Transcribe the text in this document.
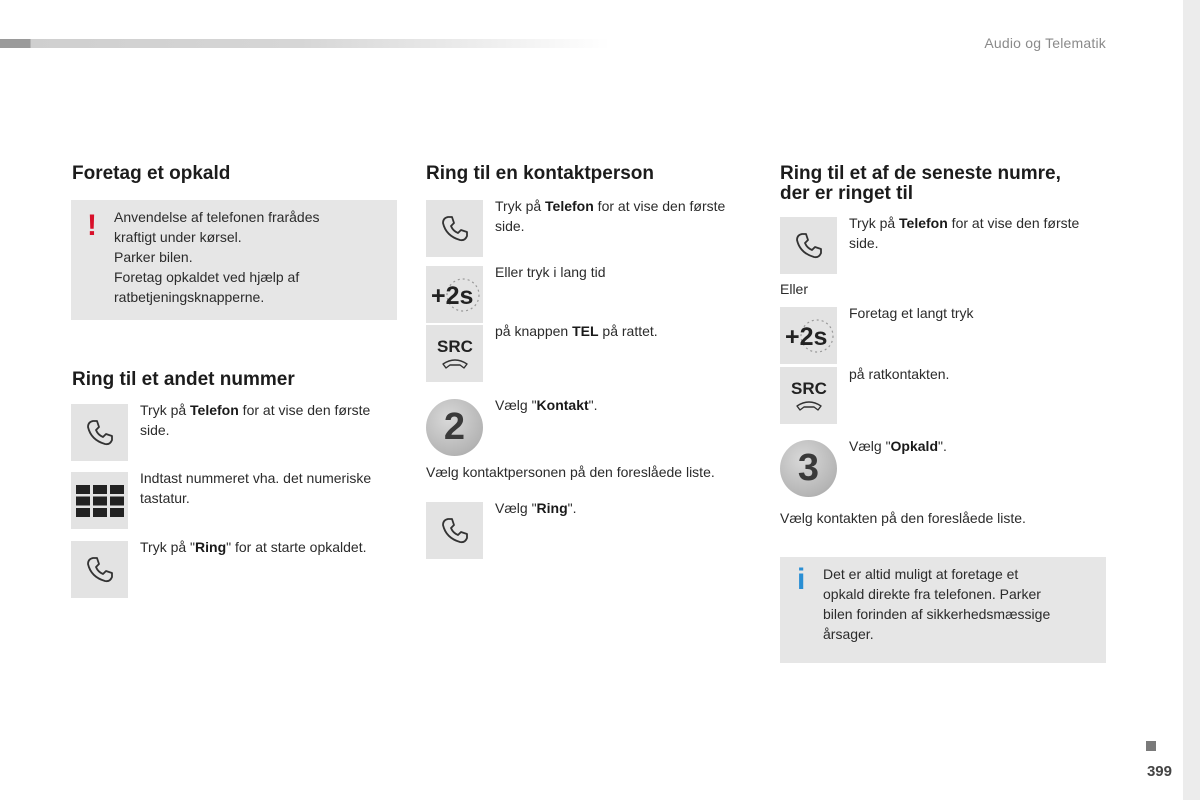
Audio og Telematik
Foretag et opkald
! Anvendelse af telefonen frarådes
kraftigt under kørsel.
Parker bilen.
Foretag opkaldet ved hjælp af
ratbetjeningsknapperne.
Ring til et andet nummer
Tryk på Telefon for at vise den første
side.
Indtast nummeret vha. det numeriske
tastatur.
Tryk på "Ring" for at starte opkaldet.
Ring til en kontaktperson
Tryk på Telefon for at vise den første
side.
+2s
Eller tryk i lang tid
SRC
på knappen TEL på rattet.
2
Vælg "Kontakt".
Vælg kontaktpersonen på den foreslåede liste.
Vælg "Ring".
Ring til et af de seneste numre,
der er ringet til
Tryk på Telefon for at vise den første
side.
Eller
+2s
Foretag et langt tryk
SRC
på ratkontakten.
3
Vælg "Opkald".
Vælg kontakten på den foreslåede liste.
i Det er altid muligt at foretage et
opkald direkte fra telefonen. Parker
bilen forinden af sikkerhedsmæssige
årsager.
399
